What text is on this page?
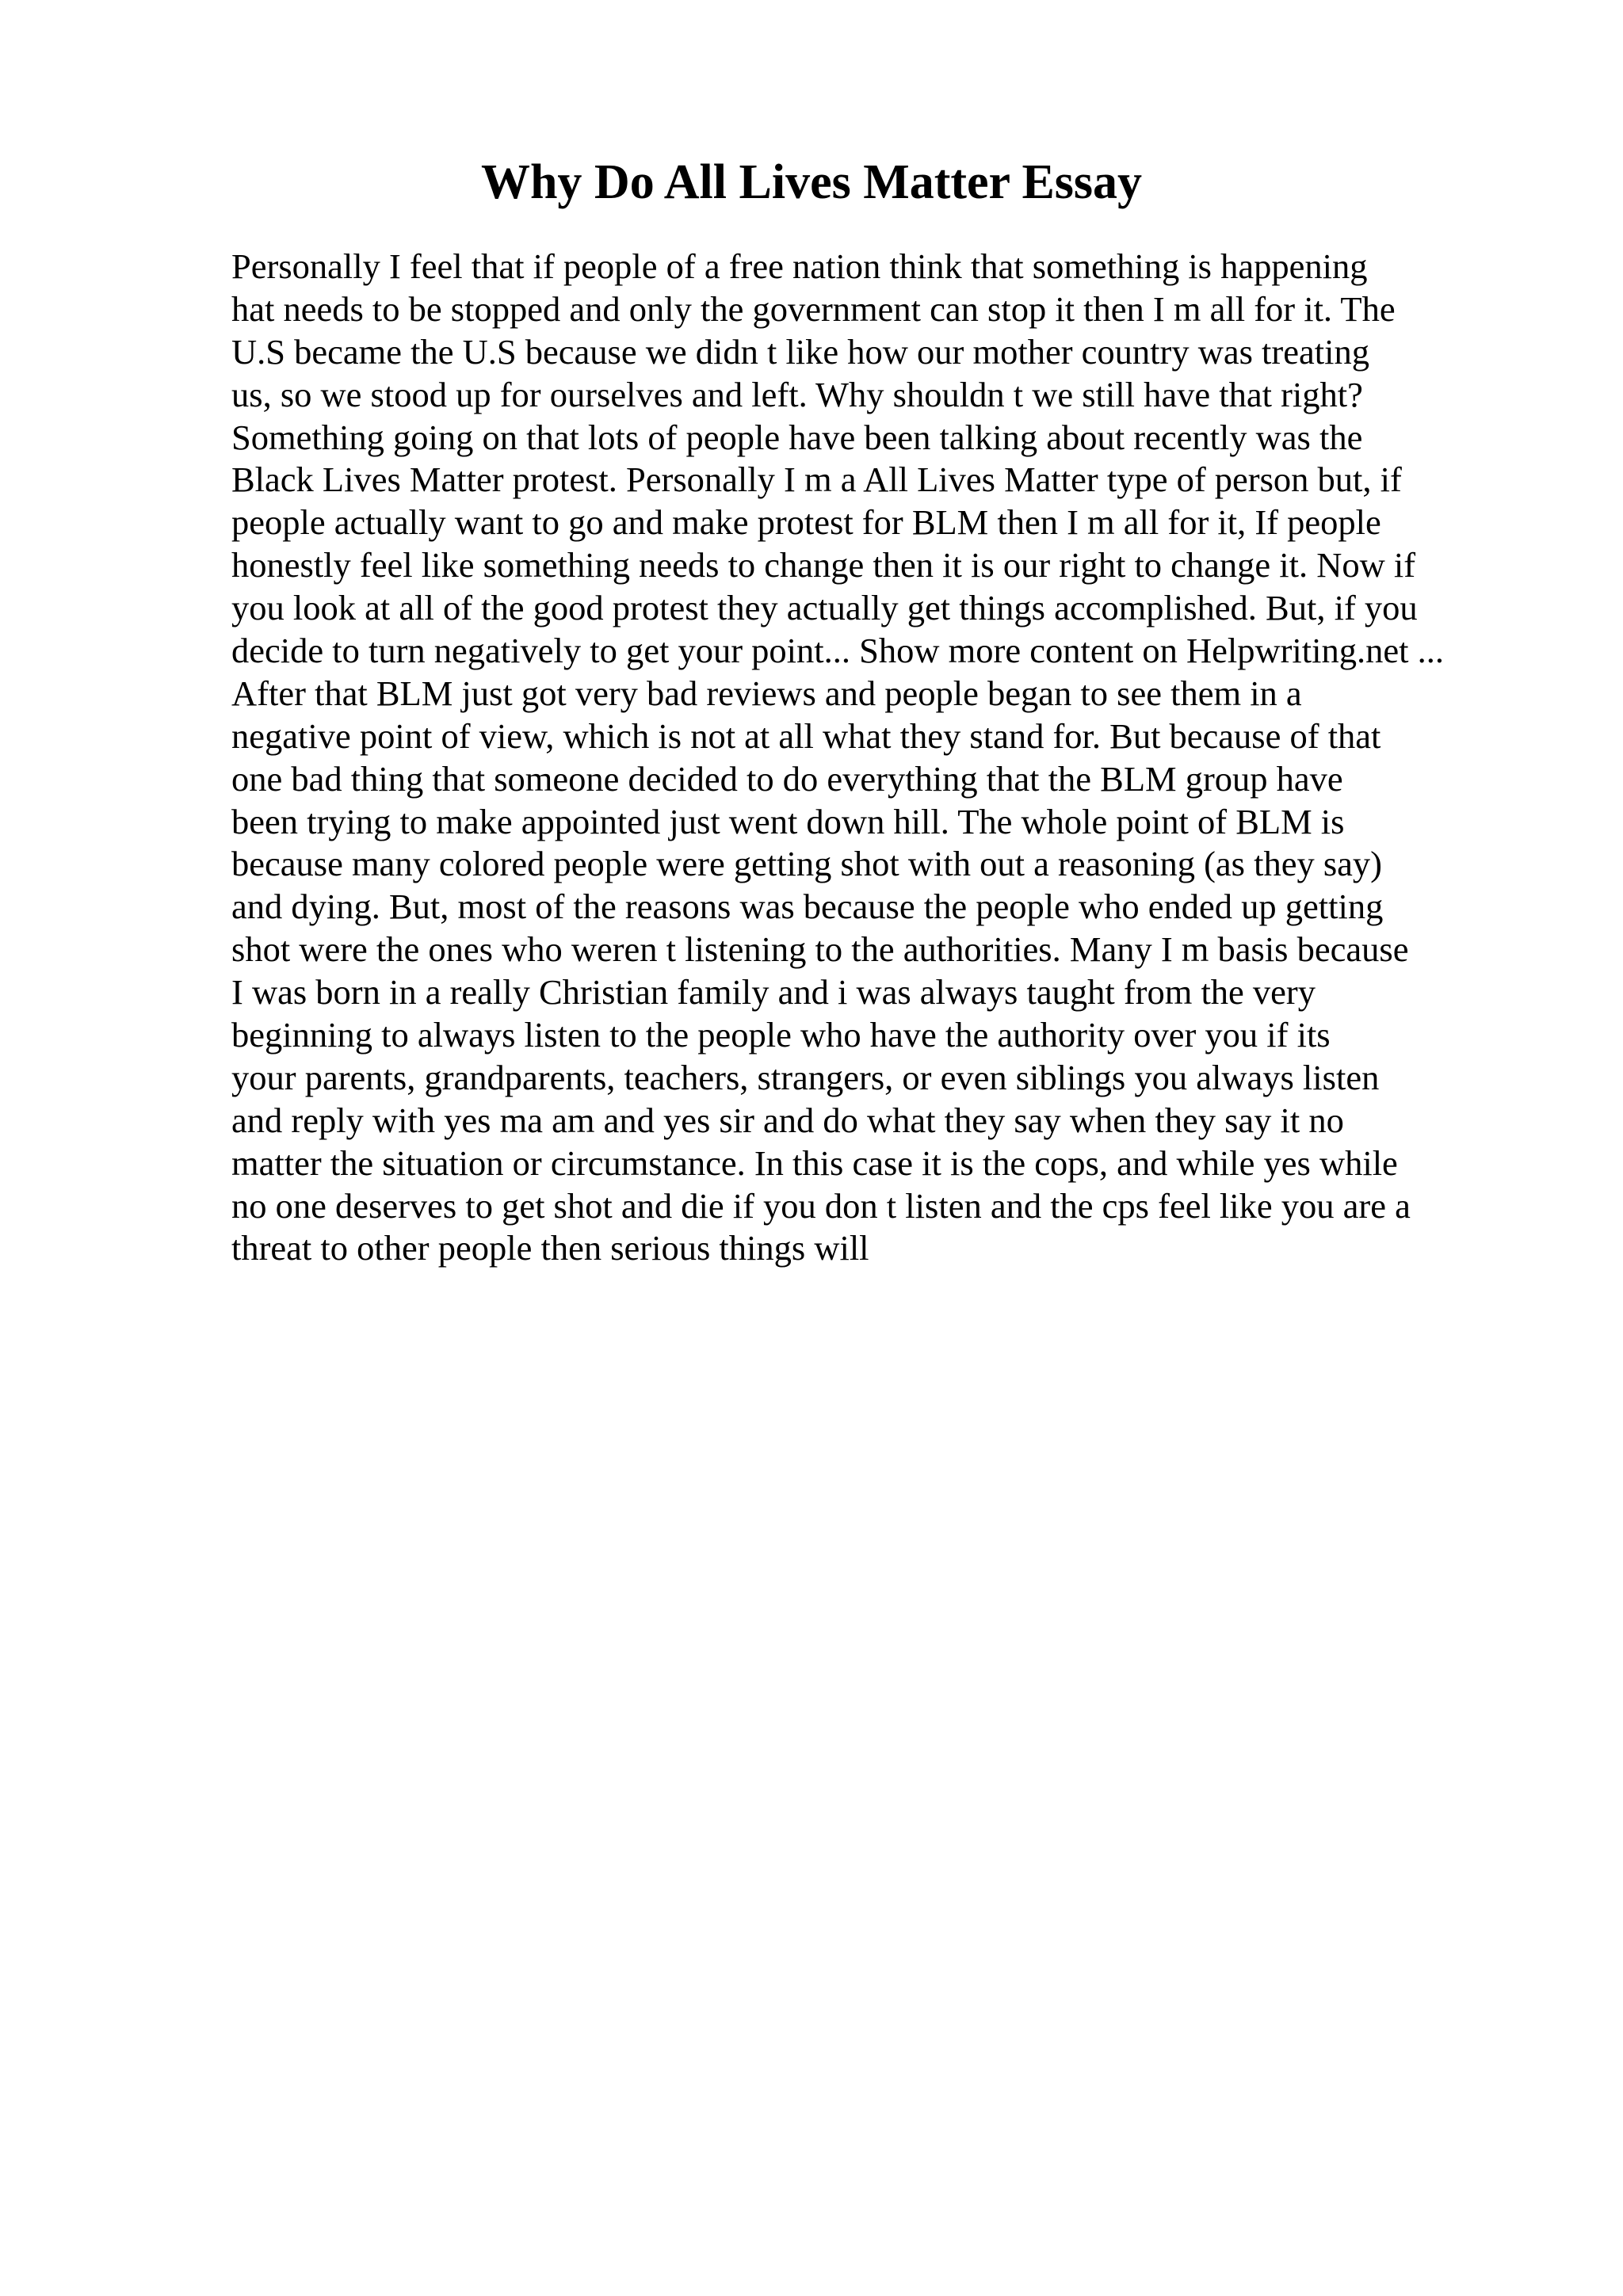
Why Do All Lives Matter Essay
Personally I feel that if people of a free nation think that something is happening
hat needs to be stopped and only the government can stop it then I m all for it. The
U.S became the U.S because we didn t like how our mother country was treating
us, so we stood up for ourselves and left. Why shouldn t we still have that right?
Something going on that lots of people have been talking about recently was the
Black Lives Matter protest. Personally I m a All Lives Matter type of person but, if
people actually want to go and make protest for BLM then I m all for it, If people
honestly feel like something needs to change then it is our right to change it. Now if
you look at all of the good protest they actually get things accomplished. But, if you
decide to turn negatively to get your point... Show more content on Helpwriting.net ...
After that BLM just got very bad reviews and people began to see them in a
negative point of view, which is not at all what they stand for. But because of that
one bad thing that someone decided to do everything that the BLM group have
been trying to make appointed just went down hill. The whole point of BLM is
because many colored people were getting shot with out a reasoning (as they say)
and dying. But, most of the reasons was because the people who ended up getting
shot were the ones who weren t listening to the authorities. Many I m basis because
I was born in a really Christian family and i was always taught from the very
beginning to always listen to the people who have the authority over you if its
your parents, grandparents, teachers, strangers, or even siblings you always listen
and reply with yes ma am and yes sir and do what they say when they say it no
matter the situation or circumstance. In this case it is the cops, and while yes while
no one deserves to get shot and die if you don t listen and the cps feel like you are a
threat to other people then serious things will
